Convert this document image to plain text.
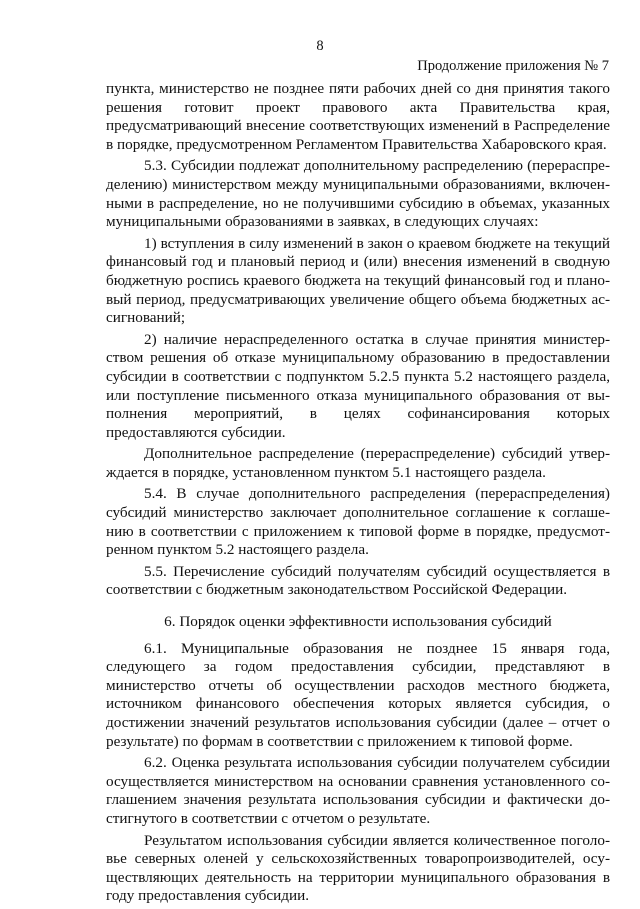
8
Продолжение приложения № 7

пункта, министерство не позднее пяти рабочих дней со дня принятия такого решения готовит проект правового акта Правительства края, предусматривающий внесение соответствующих изменений в Распределение в порядке, предусмотренном Регламентом Правительства Хабаровского края.

5.3. Субсидии подлежат дополнительному распределению (перераспределению) министерством между муниципальными образованиями, включенными в распределение, но не получившими субсидию в объемах, указанных муниципальными образованиями в заявках, в следующих случаях:

1) вступления в силу изменений в закон о краевом бюджете на текущий финансовый год и плановый период и (или) внесения изменений в сводную бюджетную роспись краевого бюджета на текущий финансовый год и плановый период, предусматривающих увеличение общего объема бюджетных ассигнований;

2) наличие нераспределенного остатка в случае принятия министерством решения об отказе муниципальному образованию в предоставлении субсидии в соответствии с подпунктом 5.2.5 пункта 5.2 настоящего раздела, или поступление письменного отказа муниципального образования от выполнения мероприятий, в целях софинансирования которых предоставляются субсидии.

Дополнительное распределение (перераспределение) субсидий утверждается в порядке, установленном пунктом 5.1 настоящего раздела.

5.4. В случае дополнительного распределения (перераспределения) субсидий министерство заключает дополнительное соглашение к соглашению в соответствии с приложением к типовой форме в порядке, предусмотренном пунктом 5.2 настоящего раздела.

5.5. Перечисление субсидий получателям субсидий осуществляется в соответствии с бюджетным законодательством Российской Федерации.

6. Порядок оценки эффективности использования субсидий

6.1. Муниципальные образования не позднее 15 января года, следующего за годом предоставления субсидии, представляют в министерство отчеты об осуществлении расходов местного бюджета, источником финансового обеспечения которых является субсидия, о достижении значений результатов использования субсидии (далее – отчет о результате) по формам в соответствии с приложением к типовой форме.

6.2. Оценка результата использования субсидии получателем субсидии осуществляется министерством на основании сравнения установленного соглашением значения результата использования субсидии и фактически достигнутого в соответствии с отчетом о результате.

Результатом использования субсидии является количественное поголовье северных оленей у сельскохозяйственных товаропроизводителей, осуществляющих деятельность на территории муниципального образования в году предоставления субсидии.
